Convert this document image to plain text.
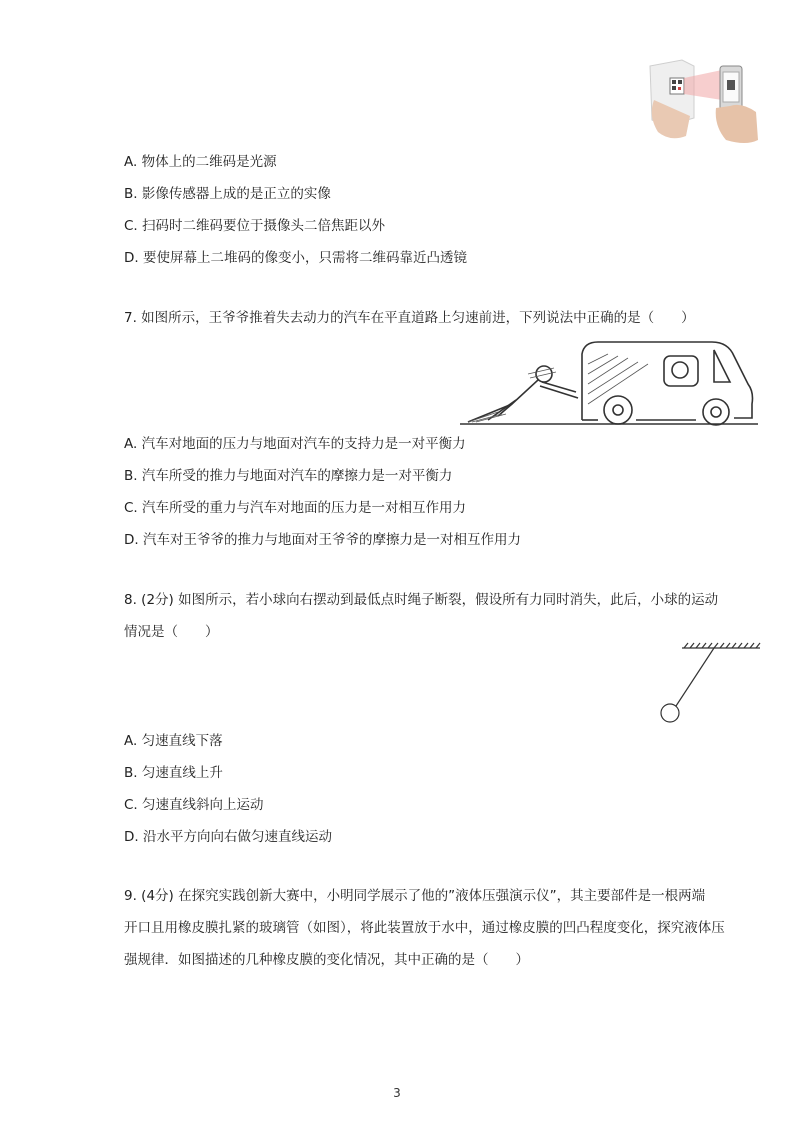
A. 物体上的二维码是光源
B. 影像传感器上成的是正立的实像
C. 扫码时二维码要位于摄像头二倍焦距以外
D. 要使屏幕上二堆码的像变小，只需将二维码靠近凸透镜
7. 如图所示，王爷爷推着失去动力的汽车在平直道路上匀速前进，下列说法中正确的是（　　）
A. 汽车对地面的压力与地面对汽车的支持力是一对平衡力
B. 汽车所受的推力与地面对汽车的摩擦力是一对平衡力
C. 汽车所受的重力与汽车对地面的压力是一对相互作用力
D. 汽车对王爷爷的推力与地面对王爷爷的摩擦力是一对相互作用力
8. (2分) 如图所示，若小球向右摆动到最低点时绳子断裂，假设所有力同时消失，此后，小球的运动
情况是（　　）
A. 匀速直线下落
B. 匀速直线上升
C. 匀速直线斜向上运动
D. 沿水平方向向右做匀速直线运动
9. (4分) 在探究实践创新大赛中，小明同学展示了他的”液体压强演示仪”，其主要部件是一根两端
开口且用橡皮膜扎紧的玻璃管（如图），将此装置放于水中，通过橡皮膜的凹凸程度变化，探究液体压
强规律．如图描述的几种橡皮膜的变化情况，其中正确的是（　　）
3
